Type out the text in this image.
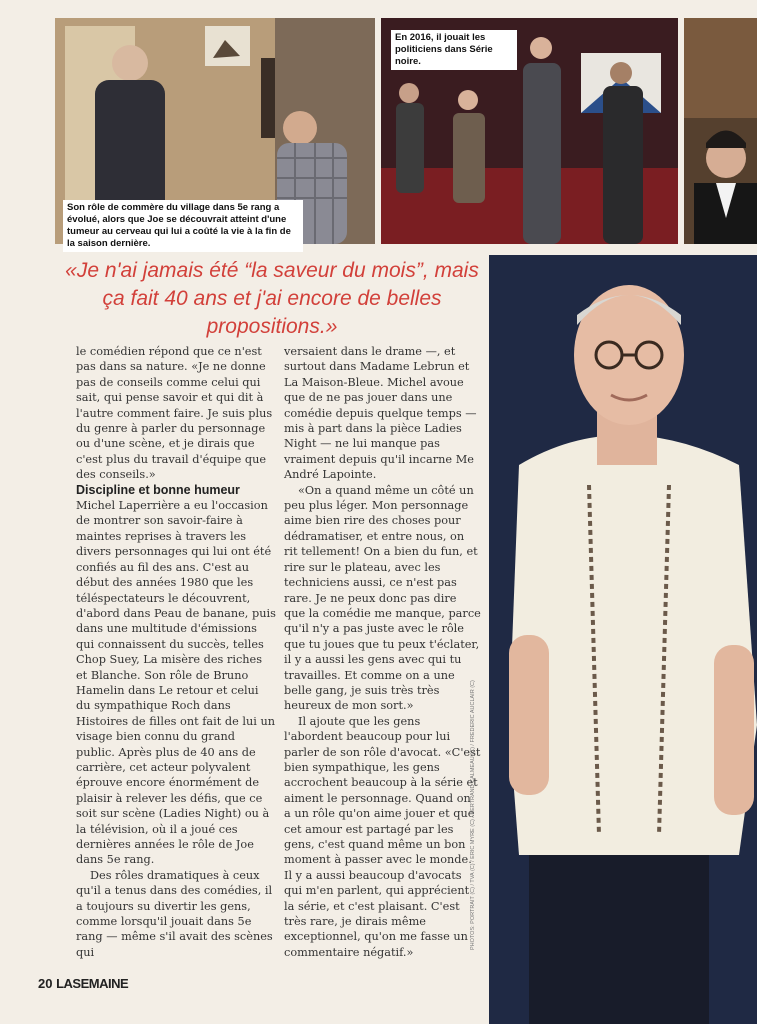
Son rôle de commère du village dans 5e rang a évolué, alors que Joe se découvrait atteint d'une tumeur au cerveau qui lui a coûté la vie à la fin de la saison dernière.
En 2016, il jouait les politiciens dans Série noire.
«Je n'ai jamais été “la saveur du mois”, mais ça fait 40 ans et j'ai encore de belles propositions.»

le comédien répond que ce n'est pas dans sa nature. «Je ne donne pas de conseils comme celui qui sait, qui pense savoir et qui dit à l'autre comment faire. Je suis plus du genre à parler du personnage ou d'une scène, et je dirais que c'est plus du travail d'équipe que des conseils.»

Discipline et bonne humeur

Michel Laperrière a eu l'occasion de montrer son savoir-faire à maintes reprises à travers les divers personnages qui lui ont été confiés au fil des ans. C'est au début des années 1980 que les téléspectateurs le découvrent, d'abord dans Peau de banane, puis dans une multitude d'émissions qui connaissent du succès, telles Chop Suey, La misère des riches et Blanche. Son rôle de Bruno Hamelin dans Le retour et celui du sympathique Roch dans Histoires de filles ont fait de lui un visage bien connu du grand public. Après plus de 40 ans de carrière, cet acteur polyvalent éprouve encore énormément de plaisir à relever les défis, que ce soit sur scène (Ladies Night) ou à la télévision, où il a joué ces dernières années le rôle de Joe dans 5e rang.

Des rôles dramatiques à ceux qu'il a tenus dans des comédies, il a toujours su divertir les gens, comme lorsqu'il jouait dans 5e rang — même s'il avait des scènes qui

versaient dans le drame —, et surtout dans Madame Lebrun et La Maison-Bleue. Michel avoue que de ne pas jouer dans une comédie depuis quelque temps — mis à part dans la pièce Ladies Night — ne lui manque pas vraiment depuis qu'il incarne Me André Lapointe.

«On a quand même un côté un peu plus léger. Mon personnage aime bien rire des choses pour dédramatiser, et entre nous, on rit tellement! On a bien du fun, et rire sur le plateau, avec les techniciens aussi, ce n'est pas rare. Je ne peux donc pas dire que la comédie me manque, parce qu'il n'y a pas juste avec le rôle que tu joues que tu peux t'éclater, il y a aussi les gens avec qui tu travailles. Et comme on a une belle gang, je suis très très heureux de mon sort.»

Il ajoute que les gens l'abordent beaucoup pour lui parler de son rôle d'avocat. «C'est bien sympathique, les gens accrochent beaucoup à la série et aiment le personnage. Quand on a un rôle qu'on aime jouer et que cet amour est partagé par les gens, c'est quand même un bon moment à passer avec le monde. Il y a aussi beaucoup d'avocats qui m'en parlent, qui apprécient la série, et c'est plaisant. C'est très rare, je dirais même exceptionnel, qu'on me fasse un commentaire négatif.»

PHOTOS: PORTRAIT (C) / TVA (C) / ERIC MYRE (C) / BERTRAND CALMEAU (C) / FREDERIC AUCLAIR (C)
20 LASEMAINE
